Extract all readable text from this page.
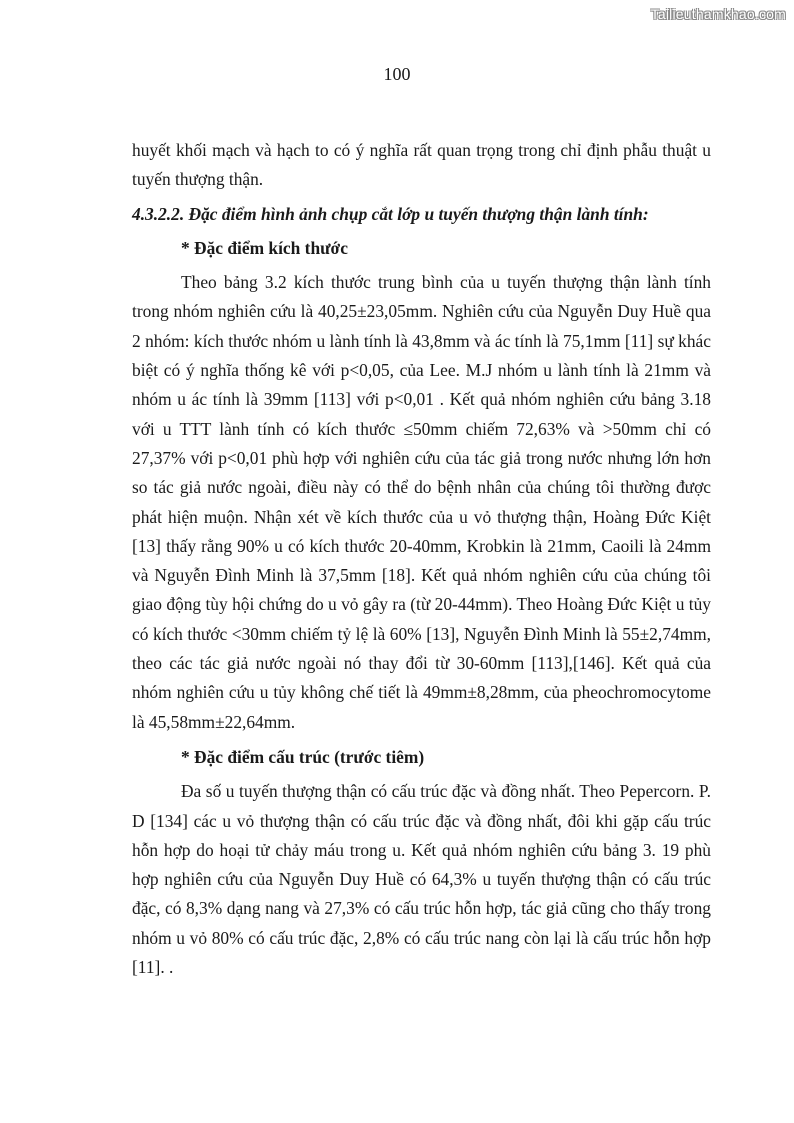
Tailieuthamkhao.com
100

huyết khối mạch và hạch to có ý nghĩa rất quan trọng trong chỉ định phẫu thuật u tuyến thượng thận.

4.3.2.2. Đặc điểm hình ảnh chụp cắt lớp u tuyến thượng thận lành tính:

* Đặc điểm kích thước

Theo bảng 3.2 kích thước trung bình của u tuyến thượng thận lành tính trong nhóm nghiên cứu là 40,25±23,05mm. Nghiên cứu của Nguyễn Duy Huề qua 2 nhóm: kích thước nhóm u lành tính là 43,8mm và ác tính là 75,1mm [11] sự khác biệt có ý nghĩa thống kê với p<0,05, của Lee. M.J nhóm u lành tính là 21mm và nhóm u ác tính là 39mm [113] với p<0,01 . Kết quả nhóm nghiên cứu bảng 3.18 với u TTT lành tính có kích thước ≤50mm chiếm 72,63% và >50mm chỉ có 27,37% với p<0,01 phù hợp với nghiên cứu của tác giả trong nước nhưng lớn hơn so tác giả nước ngoài, điều này có thể do bệnh nhân của chúng tôi thường được phát hiện muộn. Nhận xét về kích thước của u vỏ thượng thận, Hoàng Đức Kiệt [13] thấy rằng 90% u có kích thước 20-40mm, Krobkin là 21mm, Caoili là 24mm và Nguyễn Đình Minh là 37,5mm [18]. Kết quả nhóm nghiên cứu của chúng tôi giao động tùy hội chứng do u vỏ gây ra (từ 20-44mm). Theo Hoàng Đức Kiệt u tủy có kích thước <30mm chiếm tỷ lệ là 60% [13], Nguyễn Đình Minh là 55±2,74mm, theo các tác giả nước ngoài nó thay đổi từ 30-60mm [113],[146]. Kết quả của nhóm nghiên cứu u tủy không chế tiết là 49mm±8,28mm, của pheochromocytome là 45,58mm±22,64mm.

* Đặc điểm cấu trúc (trước tiêm)

Đa số u tuyến thượng thận có cấu trúc đặc và đồng nhất. Theo Pepercorn. P. D [134] các u vỏ thượng thận có cấu trúc đặc và đồng nhất, đôi khi gặp cấu trúc hỗn hợp do hoại tử chảy máu trong u. Kết quả nhóm nghiên cứu bảng 3. 19 phù hợp nghiên cứu của Nguyễn Duy Huề có 64,3% u tuyến thượng thận có cấu trúc đặc, có 8,3% dạng nang và 27,3% có cấu trúc hỗn hợp, tác giả cũng cho thấy trong nhóm u vỏ 80% có cấu trúc đặc, 2,8% có cấu trúc nang còn lại là cấu trúc hỗn hợp [11]. .
